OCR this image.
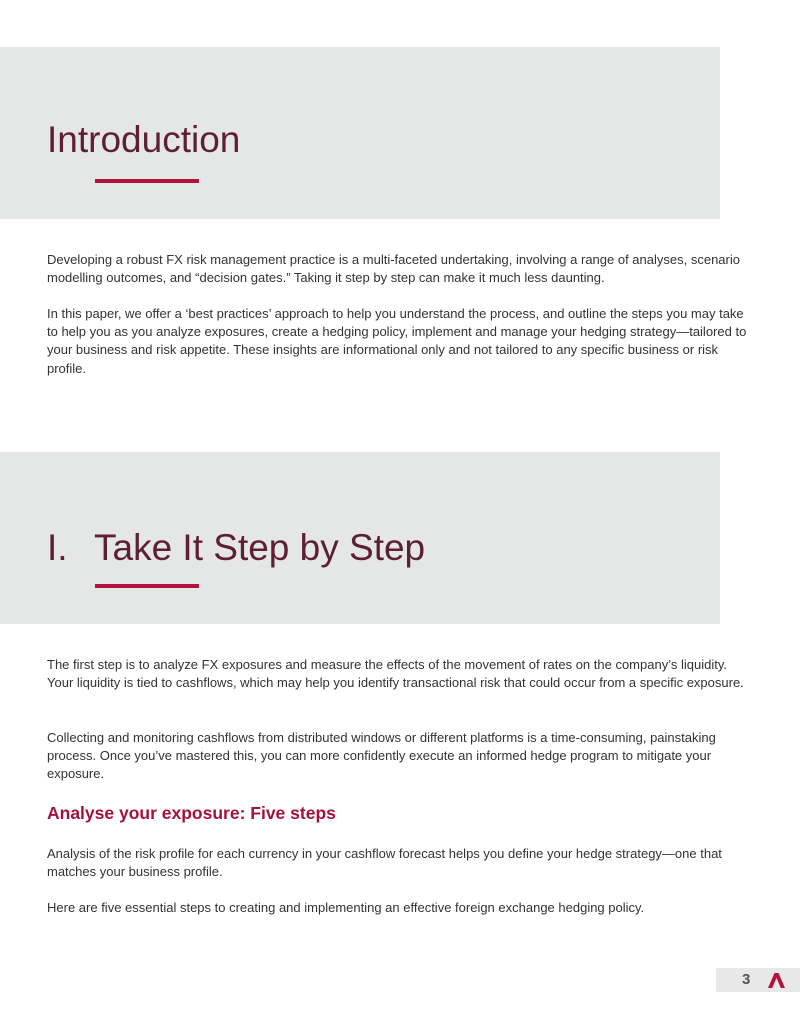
Introduction

Developing a robust FX risk management practice is a multi-faceted undertaking, involving a range of analyses, scenario modelling outcomes, and “decision gates.” Taking it step by step can make it much less daunting.

In this paper, we offer a ‘best practices’ approach to help you understand the process, and outline the steps you may take to help you as you analyze exposures, create a hedging policy, implement and manage your hedging strategy—tailored to your business and risk appetite. These insights are informational only and not tailored to any specific business or risk profile.

I. Take It Step by Step

The first step is to analyze FX exposures and measure the effects of the movement of rates on the company’s liquidity. Your liquidity is tied to cashflows, which may help you identify transactional risk that could occur from a specific exposure.

Collecting and monitoring cashflows from distributed windows or different platforms is a time-consuming, painstaking process. Once you’ve mastered this, you can more confidently execute an informed hedge program to mitigate your exposure.

Analyse your exposure: Five steps

Analysis of the risk profile for each currency in your cashflow forecast helps you define your hedge strategy—one that matches your business profile.

Here are five essential steps to creating and implementing an effective foreign exchange hedging policy.

3
